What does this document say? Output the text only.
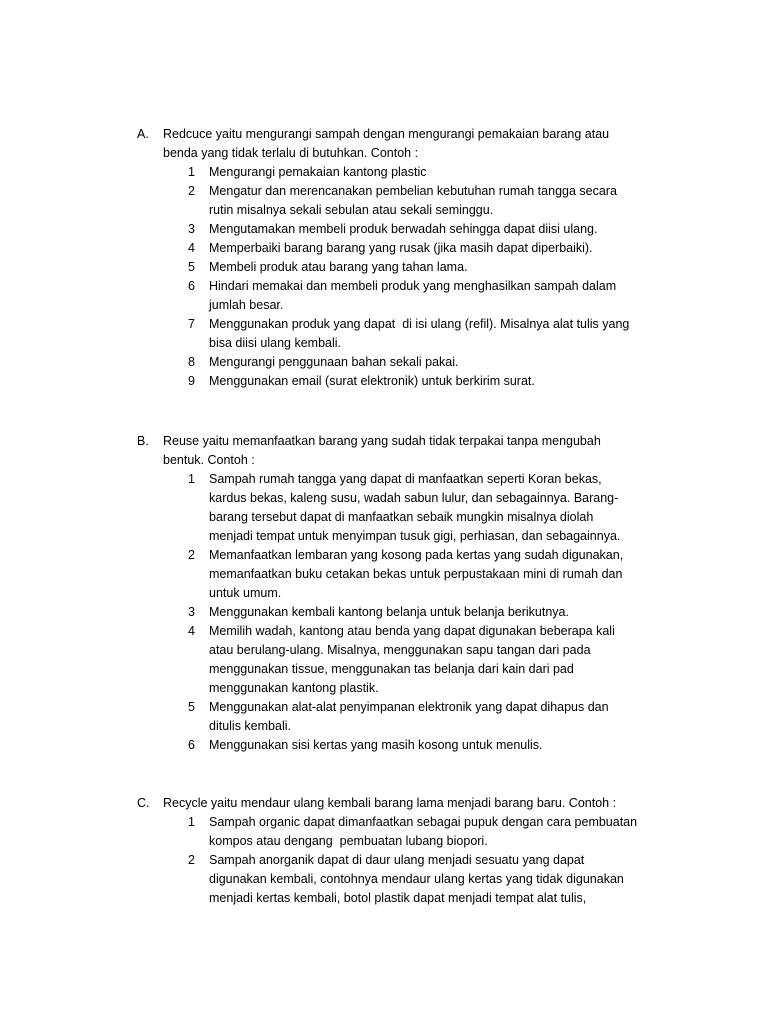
A. Redcuce yaitu mengurangi sampah dengan mengurangi pemakaian barang atau
benda yang tidak terlalu di butuhkan. Contoh :
1 Mengurangi pemakaian kantong plastic
2 Mengatur dan merencanakan pembelian kebutuhan rumah tangga secara
rutin misalnya sekali sebulan atau sekali seminggu.
3 Mengutamakan membeli produk berwadah sehingga dapat diisi ulang.
4 Memperbaiki barang barang yang rusak (jika masih dapat diperbaiki).
5 Membeli produk atau barang yang tahan lama.
6 Hindari memakai dan membeli produk yang menghasilkan sampah dalam
jumlah besar.
7 Menggunakan produk yang dapat  di isi ulang (refil). Misalnya alat tulis yang
bisa diisi ulang kembali.
8 Mengurangi penggunaan bahan sekali pakai.
9 Menggunakan email (surat elektronik) untuk berkirim surat.
B. Reuse yaitu memanfaatkan barang yang sudah tidak terpakai tanpa mengubah
bentuk. Contoh :
1 Sampah rumah tangga yang dapat di manfaatkan seperti Koran bekas,
kardus bekas, kaleng susu, wadah sabun lulur, dan sebagainnya. Barang-
barang tersebut dapat di manfaatkan sebaik mungkin misalnya diolah
menjadi tempat untuk menyimpan tusuk gigi, perhiasan, dan sebagainnya.
2 Memanfaatkan lembaran yang kosong pada kertas yang sudah digunakan,
memanfaatkan buku cetakan bekas untuk perpustakaan mini di rumah dan
untuk umum.
3 Menggunakan kembali kantong belanja untuk belanja berikutnya.
4 Memilih wadah, kantong atau benda yang dapat digunakan beberapa kali
atau berulang-ulang. Misalnya, menggunakan sapu tangan dari pada
menggunakan tissue, menggunakan tas belanja dari kain dari pad
menggunakan kantong plastik.
5 Menggunakan alat-alat penyimpanan elektronik yang dapat dihapus dan
ditulis kembali.
6 Menggunakan sisi kertas yang masih kosong untuk menulis.
C. Recycle yaitu mendaur ulang kembali barang lama menjadi barang baru. Contoh :
1 Sampah organic dapat dimanfaatkan sebagai pupuk dengan cara pembuatan
kompos atau dengang  pembuatan lubang biopori.
2 Sampah anorganik dapat di daur ulang menjadi sesuatu yang dapat
digunakan kembali, contohnya mendaur ulang kertas yang tidak digunakan
menjadi kertas kembali, botol plastik dapat menjadi tempat alat tulis,
